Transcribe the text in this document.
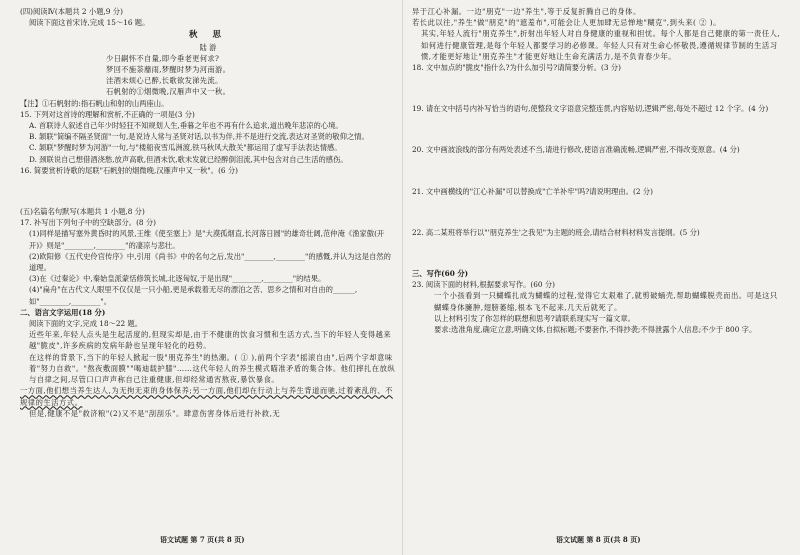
(四)阅读Ⅳ(本题共 2 小题,9 分)

阅读下面这首宋诗,完成 15～16 题。

秋 思

陆 游

少日嗣怀不自量,即今垂老更何求?

梦回不施荼蘼雨,梦醒时梦为河南游。

洼酒未烦心已醉,长歌欲发涕先流。

石帆射的①烟微晚,汉雁声中又一秋。

【注】①石帆射的:指石帆山和射的山两座山。

15. 下列对这首诗的理解和赏析,不正确的一项是(3 分)

A. 首联诗人叙述自己年少时轻狂不知规划人生,垂暮之年也不再有什么追求,道出晚年悲凉的心境。

B. 颔联"简编不隔圣贤面"一句,是说诗人常与圣贤对话,以书为伴,并不是进行交流,表达对圣贤的敬仰之情。

C. 颔联"梦醒时梦为河游"一句,与"楼船夜雪瓜洲渡,铁马秋风大散关"都运用了虚写手法表达情感。

D. 颈联说自己想借酒浇愁,放声高歌,但酒未饮,歌未发就已经醉倒泪流,其中包含对自己生活的感伤。

16. 简要赏析诗歌的尾联"石帆射的烟微晚,汉雁声中又一秋"。(6 分)

(五)名篇名句默写(本题共 1 小题,8 分)

17. 补写出下列句子中的空缺部分。(8 分)

(1)同样是描写塞外黄昏时的风景,王维《使至塞上》是"大漠孤烟直,长河落日圆"的雄奇壮阔,范仲淹《渔家傲(开开)》则是"________,________"的凄凉与悲壮。

(2)欧阳修《五代史伶官传序》中,引用《尚书》中的名句之后,发出"________,________"的感慨,并认为这是自然的道理。

(3)在《过秦论》中,秦始皇派蒙恬修筑长城,北逐匈奴,于是出现"________,________"的结果。

(4)"扁舟"在古代文人眼里不仅仅是一只小船,更是承载着无尽的漂泊之苦、思乡之情和对自由的______,如"________,________"。

二、语言文字运用(18 分)

阅读下面的文字,完成 18～22 题。

近些年来,年轻人点头是生起活度的,但现实却是,由于不健康的饮食习惯和生活方式,当下的年轻人变得越来越"脆皮",许多疾病的发病年龄也呈现年轻化的趋势。

在这样的背景下,当下的年轻人掀起一股"朋克养生"的热潮。( ① ),前两个字表"摇滚自由",后两个字却意味着"努力自救"。"熬夜敷面膜""喝迪载护膝"……这代年轻人的养生模式瞄准矛盾的集合体。他们摔扎在放纵与自律之间,尽管口口声声称自己注重健康,但却经常通宵熬夜,暴饮暴食。

一方面,他们想当养生达人,为无拘无束的身体保养;另一方面,他们却在行动上与养生背道而驰,过着紊乱的、不规律的生活方式。

但是,健康不是"救济粮"(2)又不是"刮刮乐"。肆意伤害身体后进行补救,无

异于江心补漏。一边"朋克"一边"养生",等于反复折腾自己的身体。

若长此以往,"养生"做"朋克"的"遮羞布",可能会让人更加肆无忌惮地"糊克",到头来( ② )。

其实,年轻人流行"朋克养生",折射出年轻人对自身健康的重视和担忧。每个人都是自己健康的第一责任人,如何进行健康管理,是每个年轻人都要学习的必修课。年轻人只有对生命心怀敬畏,遵循规律节制的生活习惯,才能更好地让"朋克养生"才能更好地让生命充满活力,是不负青春少年。

18. 文中加点的"脆皮"指什么?为什么加引号?请简要分析。(3 分)

19. 请在文中括号内补写恰当的语句,使整段文字语意完整连贯,内容贴切,逻辑严密,每处不超过 12 个字。(4 分)

20. 文中画波浪线的部分有两处表述不当,请进行修改,使语言准确流畅,逻辑严密,不得改变原意。(4 分)

21. 文中画横线的"江心补漏"可以替换成"亡羊补牢"吗?请说明理由。(2 分)

22. 高二某班将举行以"'朋克养生'之我见"为主题的班会,请结合材料材料发言提纲。(5 分)

三、写作(60 分)

23. 阅读下面的材料,根据要求写作。(60 分)

一个小孩看到一只蝴蝶扎成为蝴蝶的过程,觉得它太艰难了,就剪破蛹壳,帮助蝴蝶脱壳而出。可是这只蝴蝶身体臃肿,翅膀萎缩,根本飞不起来,几天后就死了。

以上材料引发了你怎样的联想和思考?请联系现实写一篇文章。

要求:选准角度,确定立意,明确文体,自拟标题;不要套作,不得抄袭;不得泄露个人信息;不少于 800 字。

语文试题 第 7 页(共 8 页)	语文试题 第 8 页(共 8 页)
